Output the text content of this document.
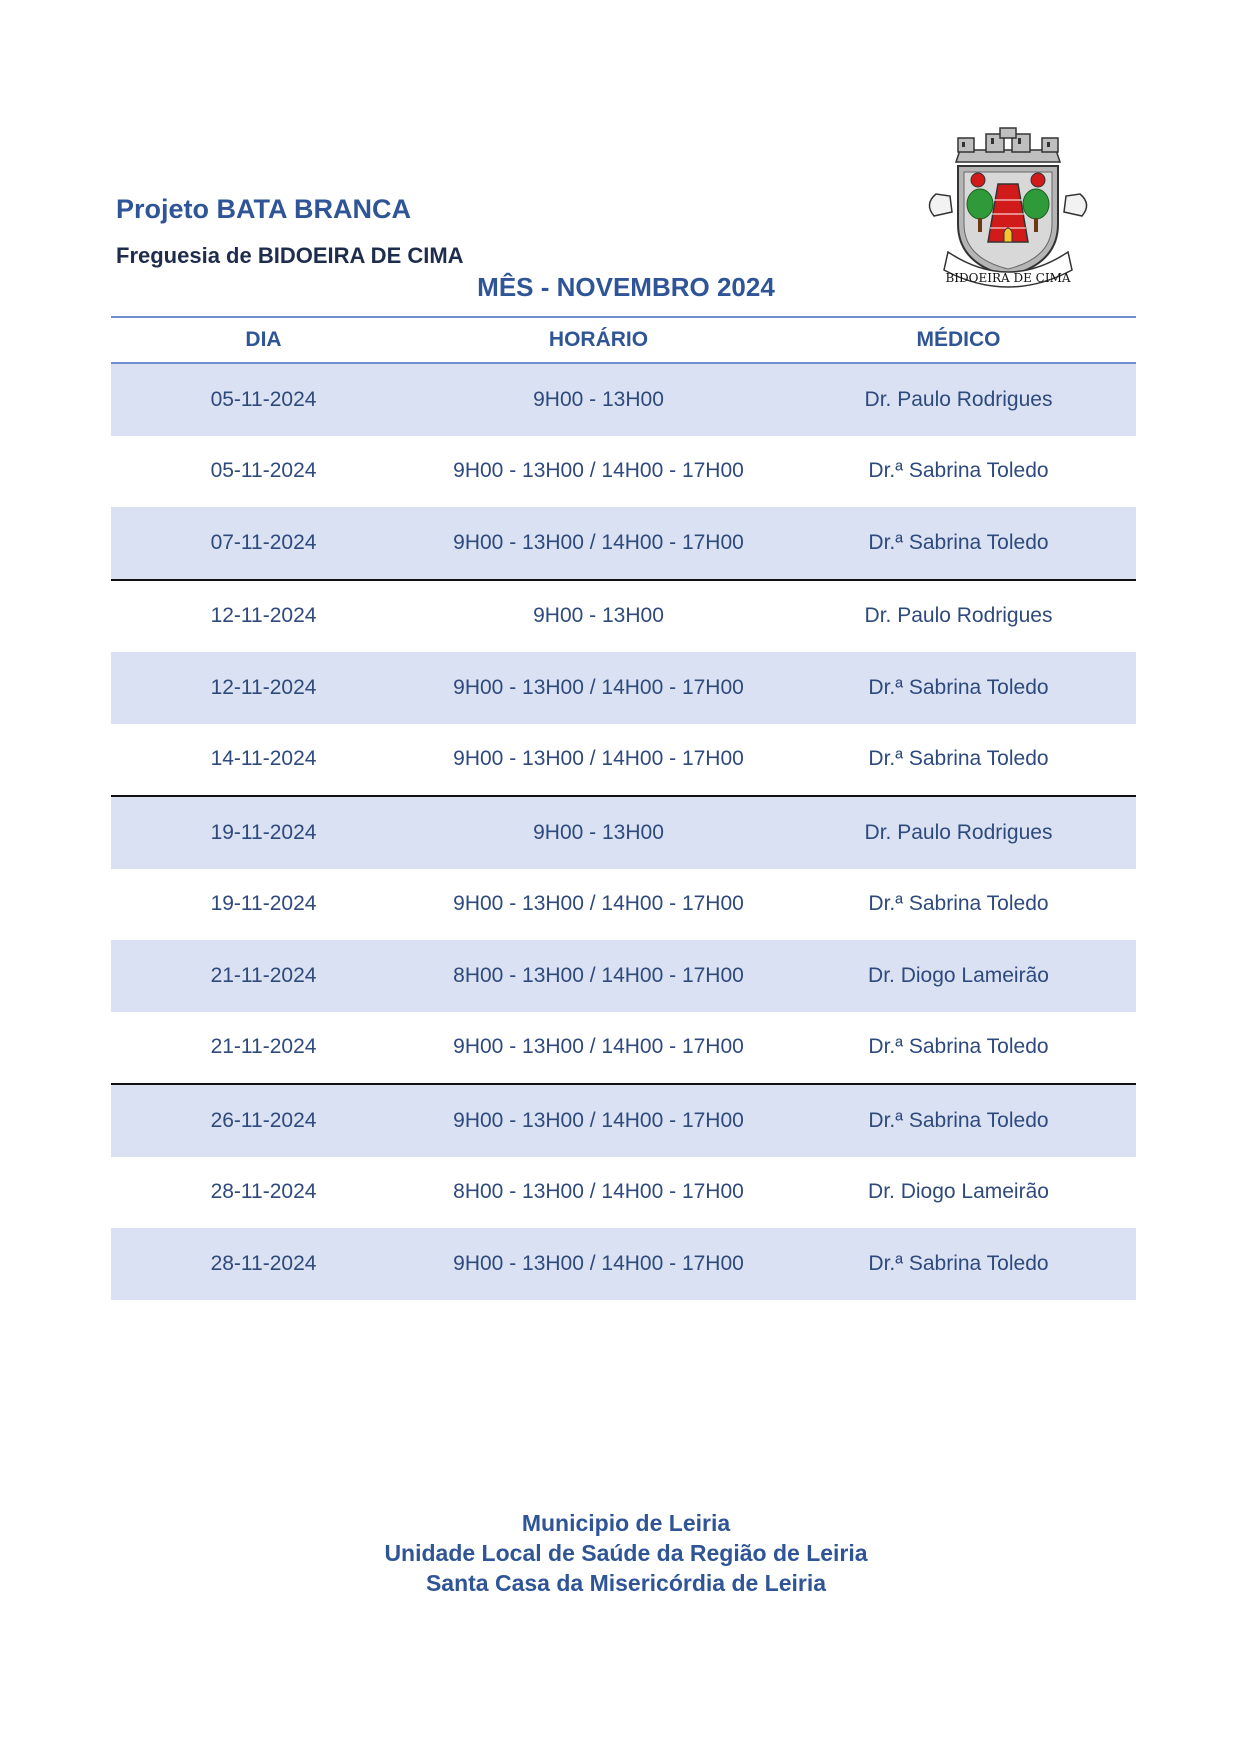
Projeto BATA BRANCA
Freguesia de BIDOEIRA DE CIMA
MÊS - NOVEMBRO 2024	BIDOEIRA DE CIMA
DIA	HORÁRIO	MÉDICO
05-11-2024	9H00 - 13H00	Dr. Paulo Rodrigues
05-11-2024	9H00 - 13H00 / 14H00 - 17H00	Dr.ª Sabrina Toledo
07-11-2024	9H00 - 13H00 / 14H00 - 17H00	Dr.ª Sabrina Toledo
12-11-2024	9H00 - 13H00	Dr. Paulo Rodrigues
12-11-2024	9H00 - 13H00 / 14H00 - 17H00	Dr.ª Sabrina Toledo
14-11-2024	9H00 - 13H00 / 14H00 - 17H00	Dr.ª Sabrina Toledo
19-11-2024	9H00 - 13H00	Dr. Paulo Rodrigues
19-11-2024	9H00 - 13H00 / 14H00 - 17H00	Dr.ª Sabrina Toledo
21-11-2024	8H00 - 13H00 / 14H00 - 17H00	Dr. Diogo Lameirão
21-11-2024	9H00 - 13H00 / 14H00 - 17H00	Dr.ª Sabrina Toledo
26-11-2024	9H00 - 13H00 / 14H00 - 17H00	Dr.ª Sabrina Toledo
28-11-2024	8H00 - 13H00 / 14H00 - 17H00	Dr. Diogo Lameirão
28-11-2024	9H00 - 13H00 / 14H00 - 17H00	Dr.ª Sabrina Toledo
Municipio de Leiria
Unidade Local de Saúde da Região de Leiria
Santa Casa da Misericórdia de Leiria
